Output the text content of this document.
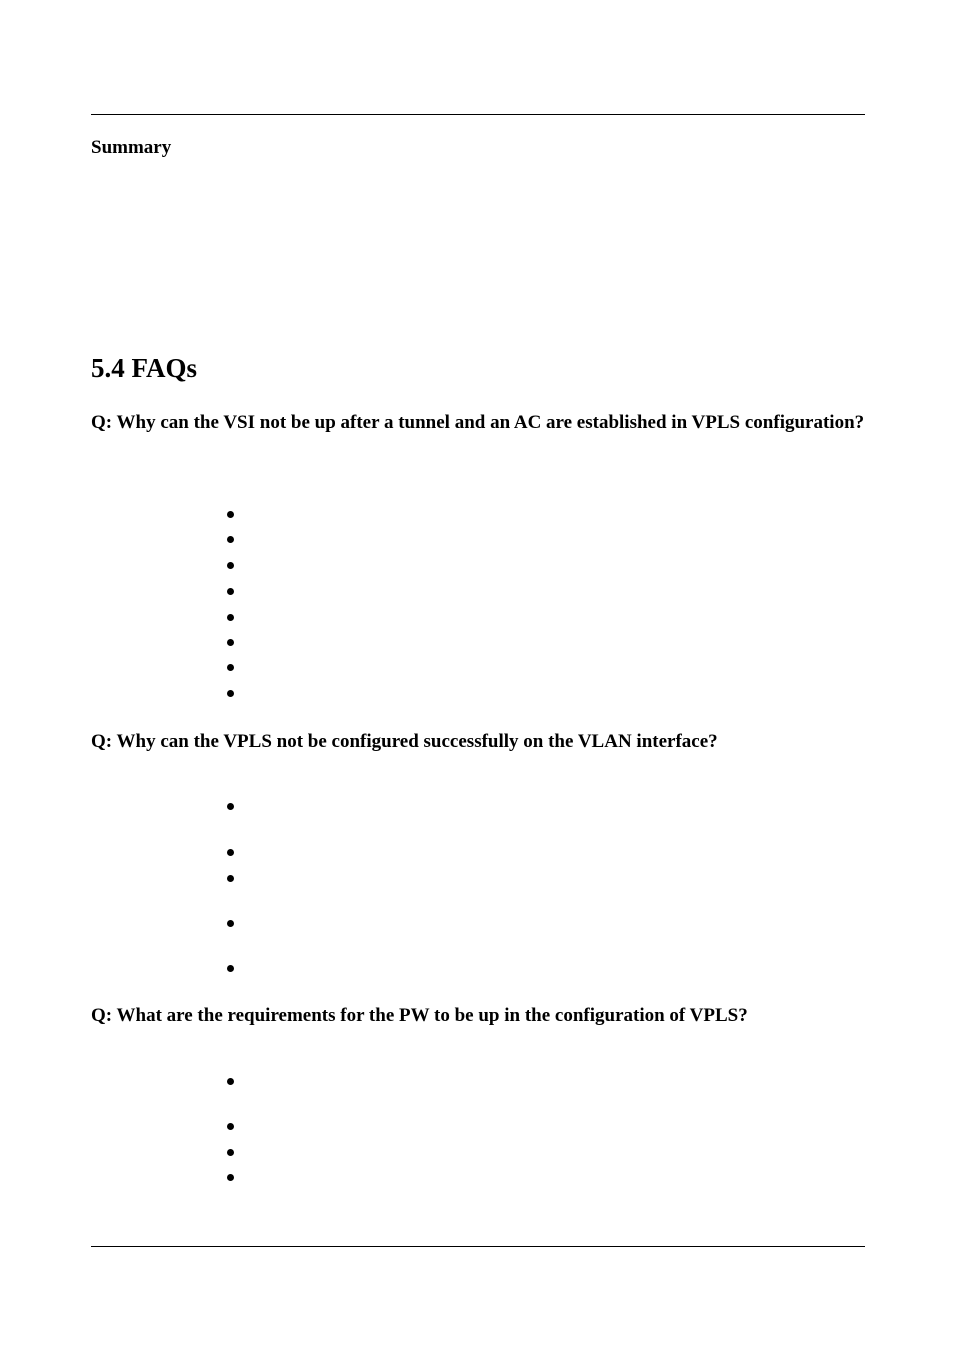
Summary
5.4 FAQs
Q: Why can the VSI not be up after a tunnel and an AC are established in VPLS configuration?
Q: Why can the VPLS not be configured successfully on the VLAN interface?
Q: What are the requirements for the PW to be up in the configuration of VPLS?
